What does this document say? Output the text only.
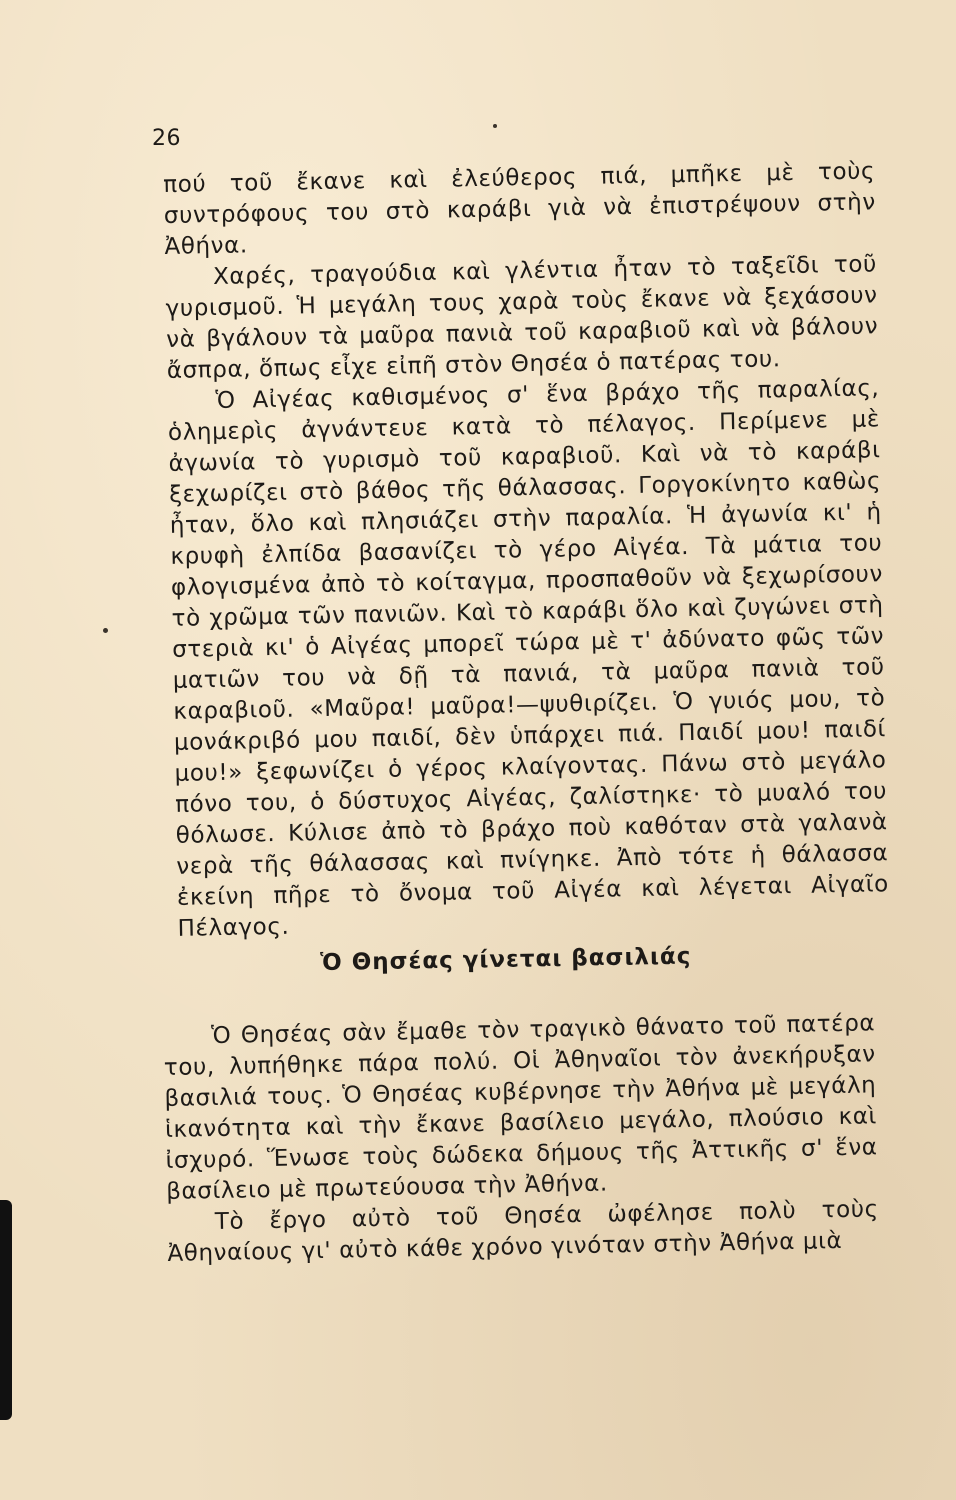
26

πού τοῦ ἔκανε καὶ ἐλεύθερος πιά, μπῆκε μὲ τοὺς συντρόφους του στὸ καράβι γιὰ νὰ ἐπιστρέψουν στὴν Ἀθήνα.

Χαρές, τραγούδια καὶ γλέντια ἦταν τὸ ταξεῖδι τοῦ γυρισμοῦ. Ἡ μεγάλη τους χαρὰ τοὺς ἔκανε νὰ ξεχάσουν νὰ βγάλουν τὰ μαῦρα πανιὰ τοῦ καραβιοῦ καὶ νὰ βάλουν ἄσπρα, ὅπως εἶχε εἰπῆ στὸν Θησέα ὁ πατέρας του.

Ὁ Αἰγέας καθισμένος σ' ἕνα βράχο τῆς παραλίας, ὁλημερὶς ἀγνάντευε κατὰ τὸ πέλαγος. Περίμενε μὲ ἀγωνία τὸ γυρισμὸ τοῦ καραβιοῦ. Καὶ νὰ τὸ καράβι ξεχωρίζει στὸ βάθος τῆς θάλασσας. Γοργοκίνητο καθὼς ἦταν, ὅλο καὶ πλησιάζει στὴν παραλία. Ἡ ἀγωνία κι' ἡ κρυφὴ ἐλπίδα βασανίζει τὸ γέρο Αἰγέα. Τὰ μάτια του φλογισμένα ἀπὸ τὸ κοίταγμα, προσπαθοῦν νὰ ξεχωρίσουν τὸ χρῶμα τῶν πανιῶν. Καὶ τὸ καράβι ὅλο καὶ ζυγώνει στὴ στεριὰ κι' ὁ Αἰγέας μπορεῖ τώρα μὲ τ' ἀδύνατο φῶς τῶν ματιῶν του νὰ δῇ τὰ πανιά, τὰ μαῦρα πανιὰ τοῦ καραβιοῦ. «Μαῦρα! μαῦρα!—ψυθιρίζει. Ὁ γυιός μου, τὸ μονάκριβό μου παιδί, δὲν ὑπάρχει πιά. Παιδί μου! παιδί μου!» ξεφωνίζει ὁ γέρος κλαίγοντας. Πάνω στὸ μεγάλο πόνο του, ὁ δύστυχος Αἰγέας, ζαλίστηκε· τὸ μυαλό του θόλωσε. Κύλισε ἀπὸ τὸ βράχο ποὺ καθόταν στὰ γαλανὰ νερὰ τῆς θάλασσας καὶ πνίγηκε. Ἀπὸ τότε ἡ θάλασσα ἐκείνη πῆρε τὸ ὄνομα τοῦ Αἰγέα καὶ λέγεται Αἰγαῖο Πέλαγος.

Ὁ Θησέας γίνεται βασιλιάς

Ὁ Θησέας σὰν ἔμαθε τὸν τραγικὸ θάνατο τοῦ πατέρα του, λυπήθηκε πάρα πολύ. Οἱ Ἀθηναῖοι τὸν ἀνεκήρυξαν βασιλιά τους. Ὁ Θησέας κυβέρνησε τὴν Ἀθήνα μὲ μεγάλη ἱκανότητα καὶ τὴν ἔκανε βασίλειο μεγάλο, πλούσιο καὶ ἰσχυρό. Ἕνωσε τοὺς δώδεκα δήμους τῆς Ἀττικῆς σ' ἕνα βασίλειο μὲ πρωτεύουσα τὴν Ἀθήνα.

Τὸ ἔργο αὐτὸ τοῦ Θησέα ὠφέλησε πολὺ τοὺς Ἀθηναίους γι' αὐτὸ κάθε χρόνο γινόταν στὴν Ἀθήνα μιὰ
